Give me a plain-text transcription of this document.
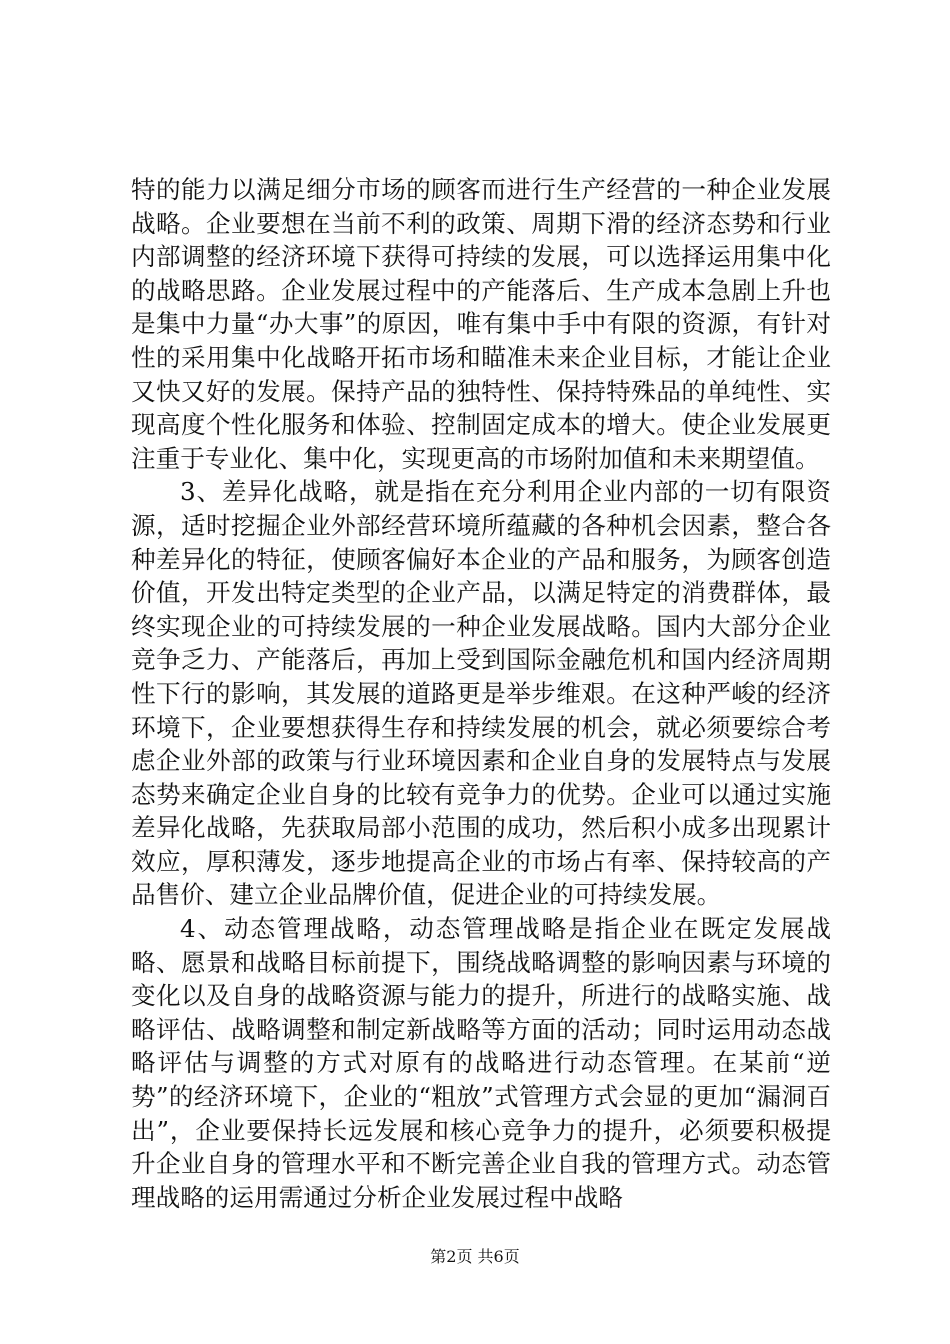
特的能力以满足细分市场的顾客而进行生产经营的一种企业发展战略。企业要想在当前不利的政策、周期下滑的经济态势和行业内部调整的经济环境下获得可持续的发展，可以选择运用集中化的战略思路。企业发展过程中的产能落后、生产成本急剧上升也是集中力量“办大事”的原因，唯有集中手中有限的资源，有针对性的采用集中化战略开拓市场和瞄准未来企业目标，才能让企业又快又好的发展。保持产品的独特性、保持特殊品的单纯性、实现高度个性化服务和体验、控制固定成本的增大。使企业发展更注重于专业化、集中化，实现更高的市场附加值和未来期望值。

3、差异化战略，就是指在充分利用企业内部的一切有限资源，适时挖掘企业外部经营环境所蕴藏的各种机会因素，整合各种差异化的特征，使顾客偏好本企业的产品和服务，为顾客创造价值，开发出特定类型的企业产品，以满足特定的消费群体，最终实现企业的可持续发展的一种企业发展战略。国内大部分企业竞争乏力、产能落后，再加上受到国际金融危机和国内经济周期性下行的影响，其发展的道路更是举步维艰。在这种严峻的经济环境下，企业要想获得生存和持续发展的机会，就必须要综合考虑企业外部的政策与行业环境因素和企业自身的发展特点与发展态势来确定企业自身的比较有竞争力的优势。企业可以通过实施差异化战略，先获取局部小范围的成功，然后积小成多出现累计效应，厚积薄发，逐步地提高企业的市场占有率、保持较高的产品售价、建立企业品牌价值，促进企业的可持续发展。

4、动态管理战略，动态管理战略是指企业在既定发展战略、愿景和战略目标前提下，围绕战略调整的影响因素与环境的变化以及自身的战略资源与能力的提升，所进行的战略实施、战略评估、战略调整和制定新战略等方面的活动；同时运用动态战略评估与调整的方式对原有的战略进行动态管理。在某前“逆势”的经济环境下，企业的“粗放”式管理方式会显的更加“漏洞百出”，企业要保持长远发展和核心竞争力的提升，必须要积极提升企业自身的管理水平和不断完善企业自我的管理方式。动态管理战略的运用需通过分析企业发展过程中战略

第2页 共6页
